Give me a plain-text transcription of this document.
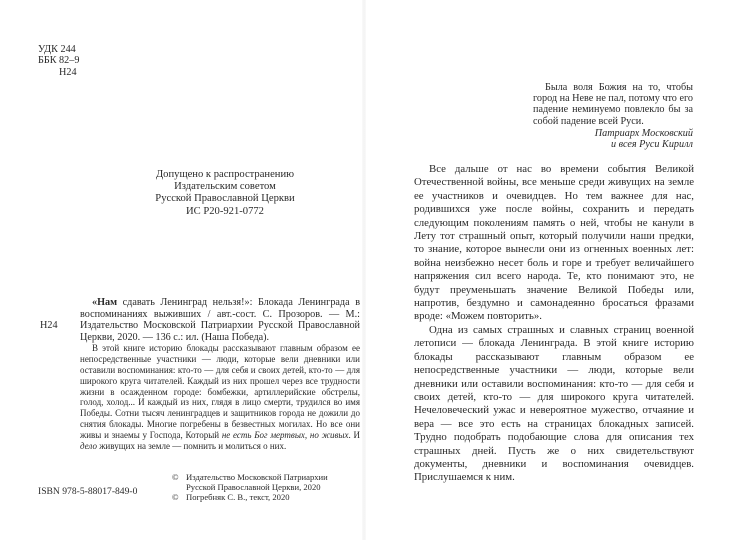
УДК 244
ББК 82–9
Н24
Допущено к распространению
Издательским советом
Русской Православной Церкви
ИС Р20-921-0772
Н24

«Нам сдавать Ленинград нельзя!»: Блокада Ленинграда в воспоминаниях выживших / авт.-сост. С. Прозоров. — М.: Издательство Московской Патриархии Русской Православной Церкви, 2020. — 136 с.: ил. (Наша Победа).

В этой книге историю блокады рассказывают главным образом ее непосредственные участники — люди, которые вели дневники или оставили воспоминания: кто-то — для себя и своих детей, кто-то — для широкого круга читателей. Каждый из них прошел через все трудности жизни в осажденном городе: бомбежки, артиллерийские обстрелы, голод, холод... И каждый из них, глядя в лицо смерти, трудился во имя Победы. Сотни тысяч ленинградцев и защитников города не дожили до снятия блокады. Многие погребены в безвестных могилах. Но все они живы и знаемы у Господа, Который не есть Бог мертвых, но живых. И дело живущих на земле — помнить и молиться о них.

© Издательство Московской Патриархии
Русской Православной Церкви, 2020
© Погребняк С. В., текст, 2020
ISBN 978-5-88017-849-0

Была воля Божия на то, чтобы город на Неве не пал, потому что его падение неминуемо повлекло бы за собой падение всей Руси.

Патриарх Московский
и всея Руси Кирилл

Все дальше от нас во времени события Великой Отечественной войны, все меньше среди живущих на земле ее участников и очевидцев. Но тем важнее для нас, родившихся уже после войны, сохранить и передать следующим поколениям память о ней, чтобы не канули в Лету тот страшный опыт, который получили наши предки, то знание, которое вынесли они из огненных военных лет: война неизбежно несет боль и горе и требует величайшего напряжения сил всего народа. Те, кто понимают это, не будут преуменьшать значение Великой Победы или, напротив, бездумно и самонадеянно бросаться фразами вроде: «Можем повторить».

Одна из самых страшных и славных страниц военной летописи — блокада Ленинграда. В этой книге историю блокады рассказывают главным образом ее непосредственные участники — люди, которые вели дневники или оставили воспоминания: кто-то — для себя и своих детей, кто-то — для широкого круга читателей. Нечеловеческий ужас и невероятное мужество, отчаяние и вера — все это есть на страницах блокадных записей. Трудно подобрать подобающие слова для описания тех страшных дней. Пусть же о них свидетельствуют документы, дневники и воспоминания очевидцев. Прислушаемся к ним.
